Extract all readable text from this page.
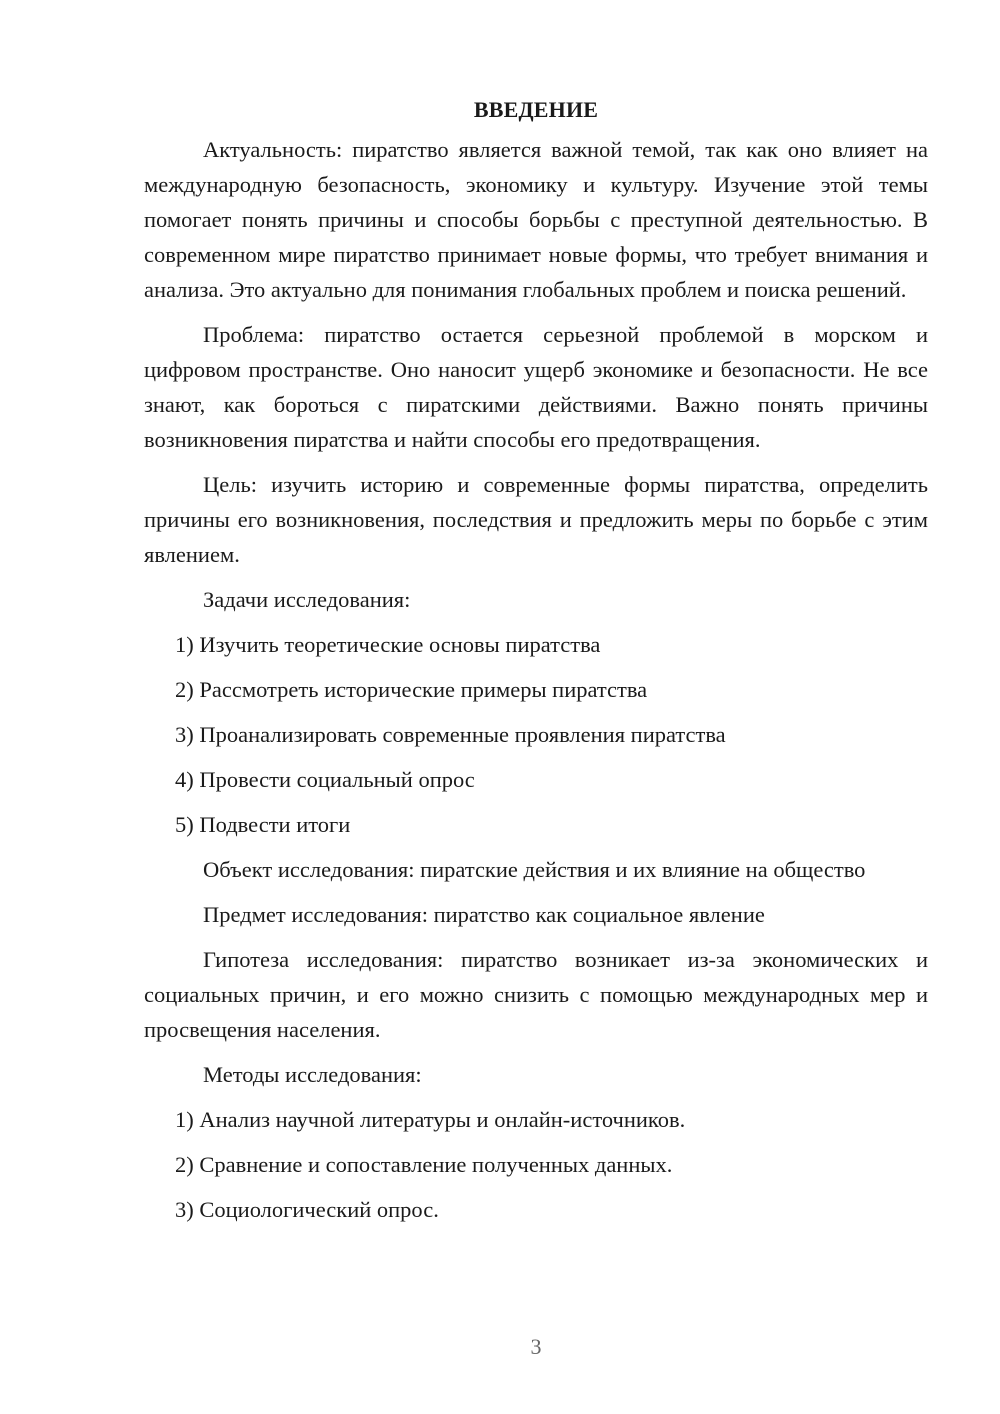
ВВЕДЕНИЕ

Актуальность: пиратство является важной темой, так как оно влияет на международную безопасность, экономику и культуру. Изучение этой темы помогает понять причины и способы борьбы с преступной деятельностью. В современном мире пиратство принимает новые формы, что требует внимания и анализа. Это актуально для понимания глобальных проблем и поиска решений.

Проблема: пиратство остается серьезной проблемой в морском и цифровом пространстве. Оно наносит ущерб экономике и безопасности. Не все знают, как бороться с пиратскими действиями. Важно понять причины возникновения пиратства и найти способы его предотвращения.

Цель: изучить историю и современные формы пиратства, определить причины его возникновения, последствия и предложить меры по борьбе с этим явлением.

Задачи исследования:

1) Изучить теоретические основы пиратства
2) Рассмотреть исторические примеры пиратства
3) Проанализировать современные проявления пиратства
4) Провести социальный опрос
5) Подвести итоги

Объект исследования: пиратские действия и их влияние на общество

Предмет исследования: пиратство как социальное явление

Гипотеза исследования: пиратство возникает из-за экономических и социальных причин, и его можно снизить с помощью международных мер и просвещения населения.

Методы исследования:

1) Анализ научной литературы и онлайн-источников.
2) Сравнение и сопоставление полученных данных.
3) Социологический опрос.
3
